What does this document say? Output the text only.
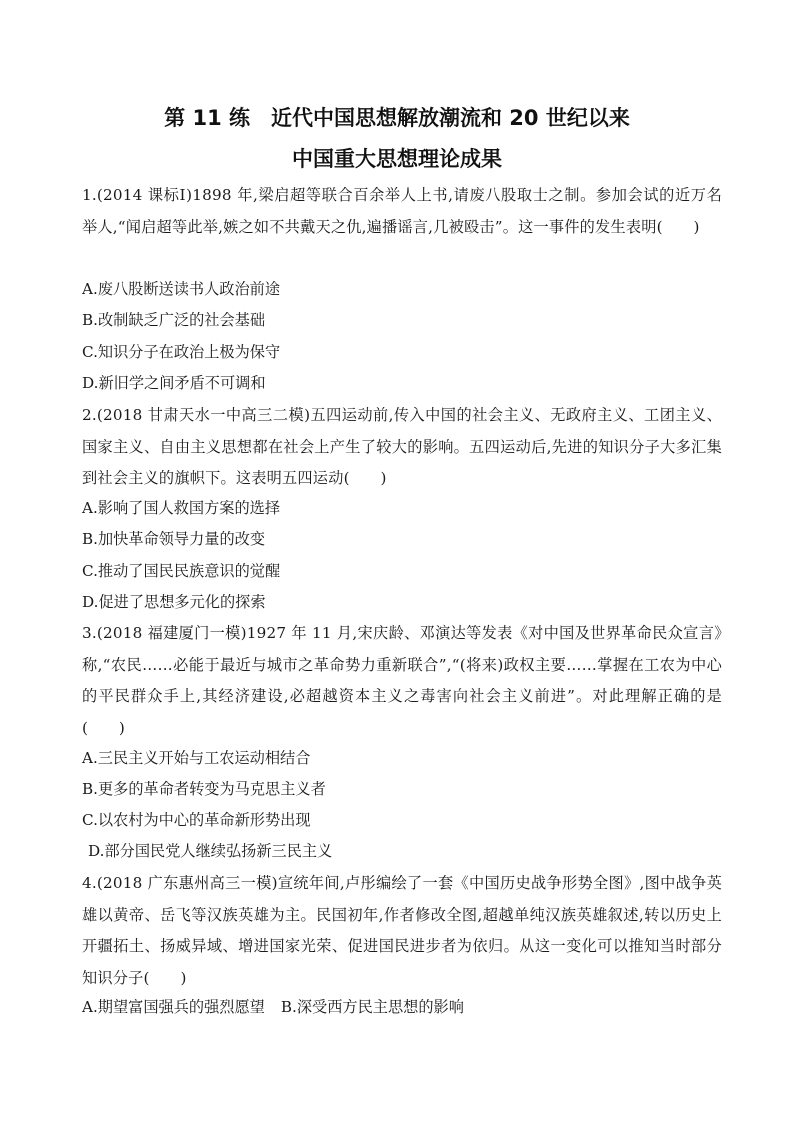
第 11 练　近代中国思想解放潮流和 20 世纪以来
中国重大思想理论成果
1.(2014 课标Ⅰ)1898 年,梁启超等联合百余举人上书,请废八股取士之制。参加会试的近万名举人,“闻启超等此举,嫉之如不共戴天之仇,遍播谣言,几被殴击”。这一事件的发生表明(　　)
A.废八股断送读书人政治前途
B.改制缺乏广泛的社会基础
C.知识分子在政治上极为保守
D.新旧学之间矛盾不可调和
2.(2018 甘肃天水一中高三二模)五四运动前,传入中国的社会主义、无政府主义、工团主义、国家主义、自由主义思想都在社会上产生了较大的影响。五四运动后,先进的知识分子大多汇集到社会主义的旗帜下。这表明五四运动(　　)
A.影响了国人救国方案的选择
B.加快革命领导力量的改变
C.推动了国民民族意识的觉醒
D.促进了思想多元化的探索
3.(2018 福建厦门一模)1927 年 11 月,宋庆龄、邓演达等发表《对中国及世界革命民众宣言》称,“农民……必能于最近与城市之革命势力重新联合”,“(将来)政权主要……掌握在工农为中心的平民群众手上,其经济建设,必超越资本主义之毒害向社会主义前进”。对此理解正确的是(　　)
A.三民主义开始与工农运动相结合
B.更多的革命者转变为马克思主义者
C.以农村为中心的革命新形势出现
D.部分国民党人继续弘扬新三民主义
4.(2018 广东惠州高三一模)宣统年间,卢彤编绘了一套《中国历史战争形势全图》,图中战争英雄以黄帝、岳飞等汉族英雄为主。民国初年,作者修改全图,超越单纯汉族英雄叙述,转以历史上开疆拓土、扬威异域、增进国家光荣、促进国民进步者为依归。从这一变化可以推知当时部分知识分子(　　)
A.期望富国强兵的强烈愿望 B.深受西方民主思想的影响
